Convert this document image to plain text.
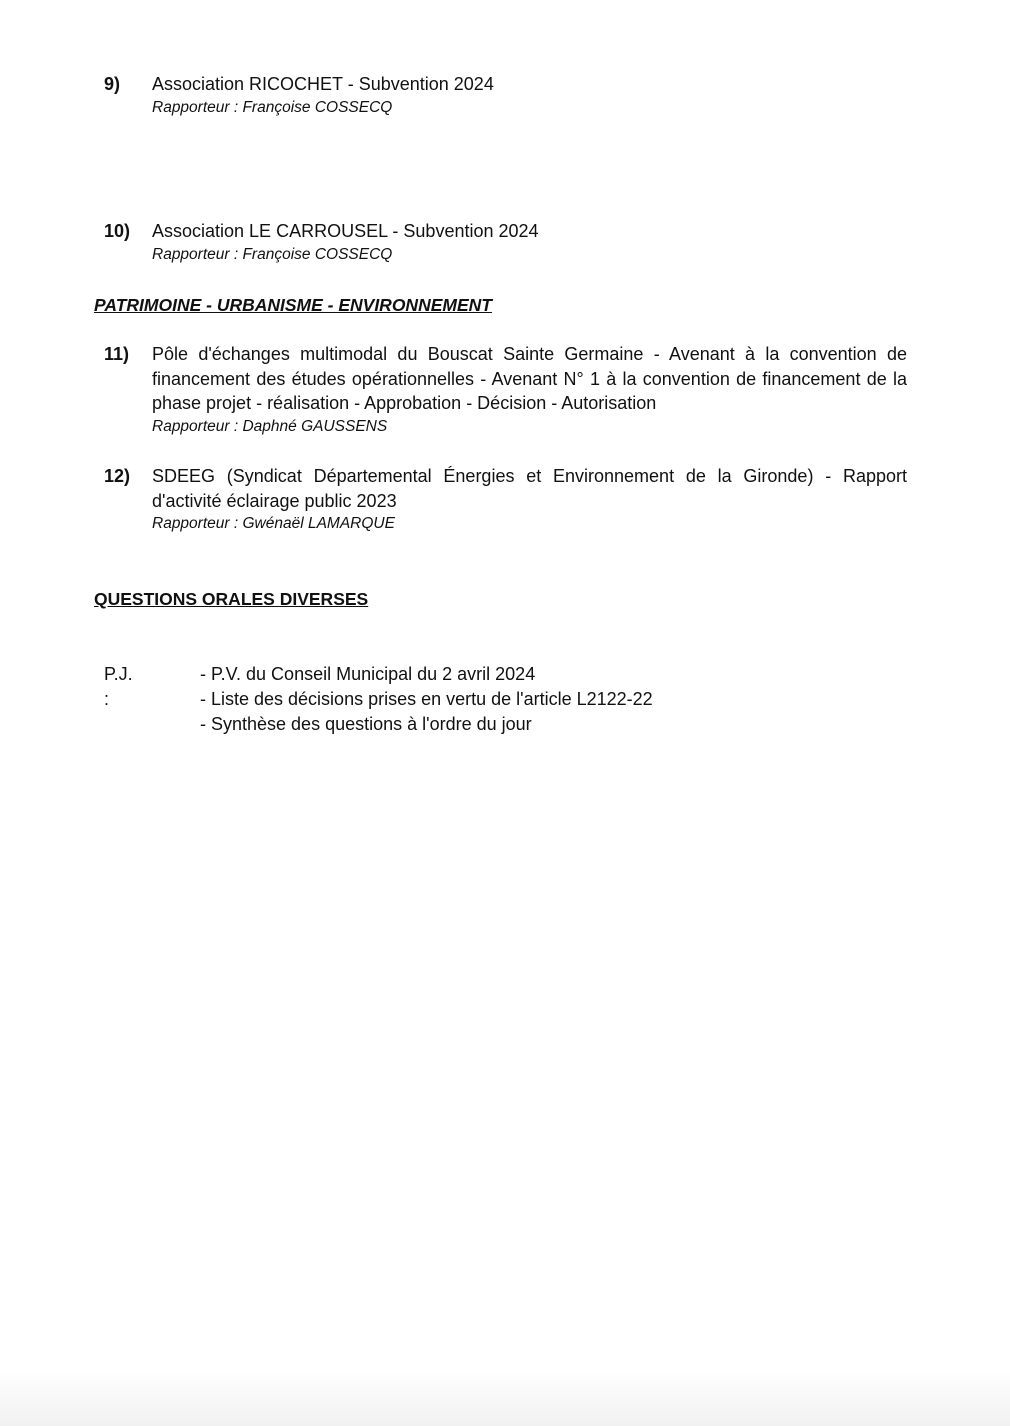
9) Association RICOCHET - Subvention 2024
Rapporteur : Françoise COSSECQ
10) Association LE CARROUSEL - Subvention 2024
Rapporteur : Françoise COSSECQ
PATRIMOINE - URBANISME - ENVIRONNEMENT
11) Pôle d'échanges multimodal du Bouscat Sainte Germaine - Avenant à la convention de financement des études opérationnelles - Avenant N° 1 à la convention de financement de la phase projet - réalisation - Approbation - Décision - Autorisation
Rapporteur : Daphné GAUSSENS
12) SDEEG (Syndicat Départemental Énergies et Environnement de la Gironde) - Rapport d'activité éclairage public 2023
Rapporteur : Gwénaël LAMARQUE
QUESTIONS ORALES DIVERSES
P.J. :
- P.V. du Conseil Municipal du 2 avril 2024
- Liste des décisions prises en vertu de l'article L2122-22
- Synthèse des questions à l'ordre du jour
